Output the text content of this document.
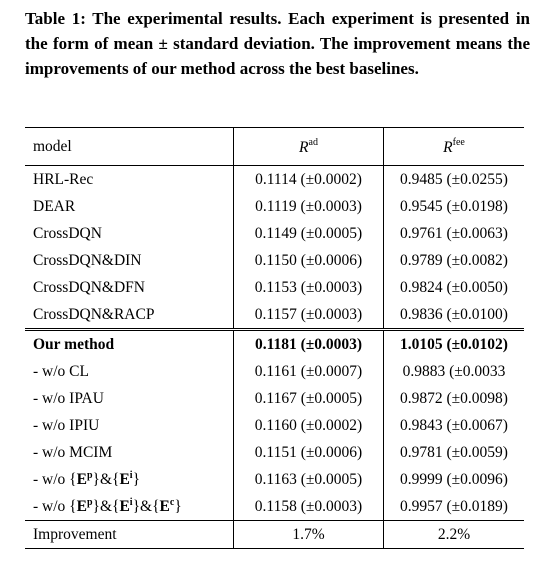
Table 1: The experimental results. Each experiment is presented in the form of mean ± standard deviation. The improvement means the improvements of our method across the best baselines.
model	$R^{ad}$	$R^{fee}$
HRL-Rec	0.1114 (±0.0002)	0.9485 (±0.0255)
DEAR	0.1119 (±0.0003)	0.9545 (±0.0198)
CrossDQN	0.1149 (±0.0005)	0.9761 (±0.0063)
CrossDQN&DIN	0.1150 (±0.0006)	0.9789 (±0.0082)
CrossDQN&DFN	0.1153 (±0.0003)	0.9824 (±0.0050)
CrossDQN&RACP	0.1157 (±0.0003)	0.9836 (±0.0100)
Our method	0.1181 (±0.0003)	1.0105 (±0.0102)
- w/o CL	0.1161 (±0.0007)	0.9883 (±0.0033
- w/o IPAU	0.1167 (±0.0005)	0.9872 (±0.0098)
- w/o IPIU	0.1160 (±0.0002)	0.9843 (±0.0067)
- w/o MCIM	0.1151 (±0.0006)	0.9781 (±0.0059)
- w/o $\{E^p\}\&\{E^i\}$	0.1163 (±0.0005)	0.9999 (±0.0096)
- w/o $\{E^p\}\&\{E^i\}\&\{E^c\}$	0.1158 (±0.0003)	0.9957 (±0.0189)
Improvement	1.7%	2.2%
